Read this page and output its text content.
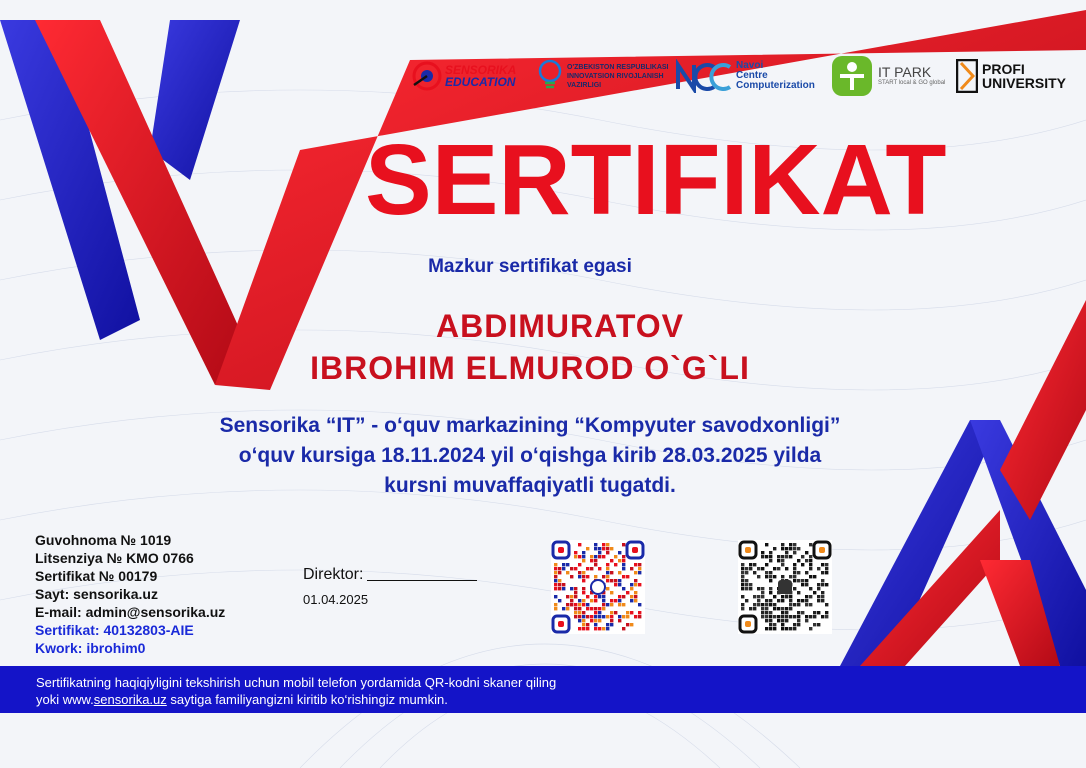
SENSORIKA
EDUCATION
O'ZBEKISTON RESPUBLIKASI
INNOVATSION RIVOJLANISH
VAZIRLIGI
Navoi
Centre
Computerization
IT PARK
START local & GO global
PROFI
UNIVERSITY
SERTIFIKAT
Mazkur sertifikat egasi
ABDIMURATOV
IBROHIM ELMUROD O`G`LI
Sensorika “IT” - o‘quv markazining “Kompyuter savodxonligi”
o‘quv kursiga 18.11.2024 yil o‘qishga kirib 28.03.2025 yilda
kursni muvaffaqiyatli tugatdi.
Guvohnoma № 1019
Litsenziya № KMO 0766
Sertifikat № 00179
Sayt: sensorika.uz
E-mail: admin@sensorika.uz
Sertifikat: 40132803-AIE
Kwork: ibrohim0
Direktor:
01.04.2025
Sertifikatning haqiqiyligini tekshirish uchun mobil telefon yordamida QR-kodni skaner qiling
yoki www.sensorika.uz saytiga familiyangizni kiritib ko‘rishingiz mumkin.
